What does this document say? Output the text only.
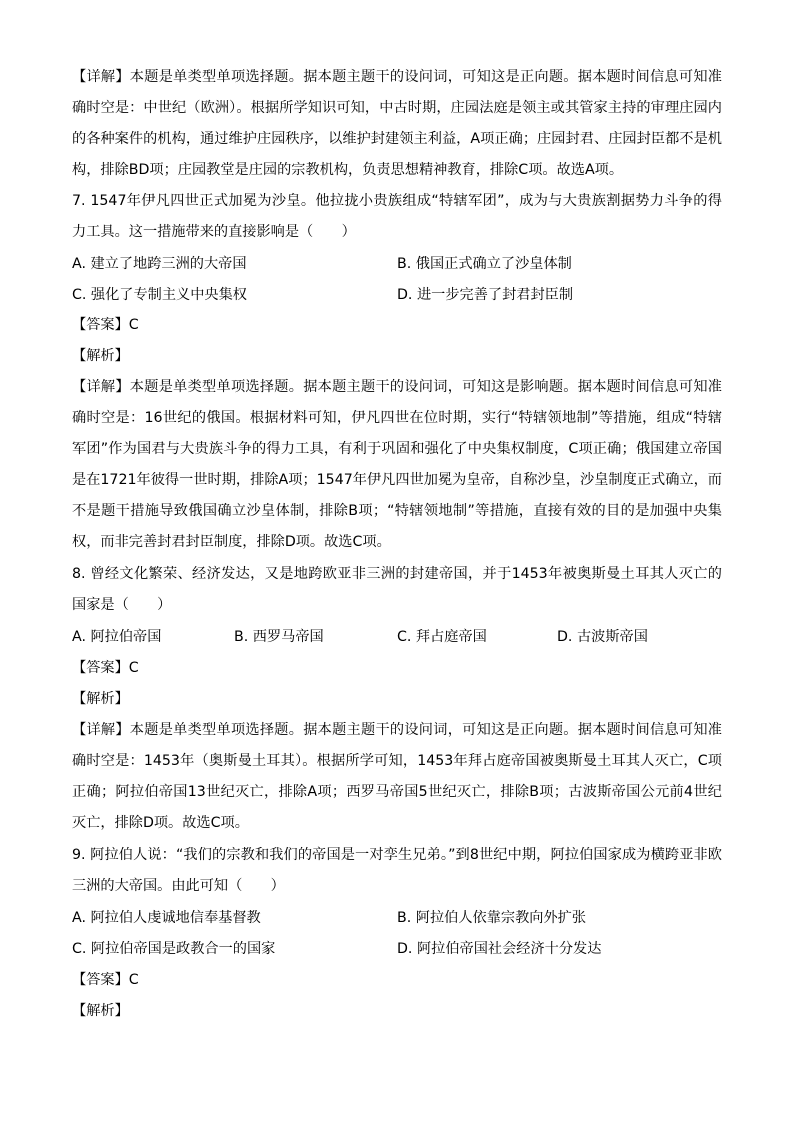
【详解】本题是单类型单项选择题。据本题主题干的设问词，可知这是正向题。据本题时间信息可知准确时空是：中世纪（欧洲）。根据所学知识可知，中古时期，庄园法庭是领主或其管家主持的审理庄园内的各种案件的机构，通过维护庄园秩序，以维护封建领主利益，A项正确；庄园封君、庄园封臣都不是机构，排除BD项；庄园教堂是庄园的宗教机构，负责思想精神教育，排除C项。故选A项。

7. 1547年伊凡四世正式加冕为沙皇。他拉拢小贵族组成“特辖军团”，成为与大贵族割据势力斗争的得力工具。这一措施带来的直接影响是（　　）

A. 建立了地跨三洲的大帝国	B. 俄国正式确立了沙皇体制
C. 强化了专制主义中央集权	D. 进一步完善了封君封臣制
【答案】C
【解析】

【详解】本题是单类型单项选择题。据本题主题干的设问词，可知这是影响题。据本题时间信息可知准确时空是：16世纪的俄国。根据材料可知，伊凡四世在位时期，实行“特辖领地制”等措施，组成“特辖军团”作为国君与大贵族斗争的得力工具，有利于巩固和强化了中央集权制度，C项正确；俄国建立帝国是在1721年彼得一世时期，排除A项；1547年伊凡四世加冕为皇帝，自称沙皇，沙皇制度正式确立，而不是题干措施导致俄国确立沙皇体制，排除B项；“特辖领地制”等措施，直接有效的目的是加强中央集权，而非完善封君封臣制度，排除D项。故选C项。

8. 曾经文化繁荣、经济发达，又是地跨欧亚非三洲的封建帝国，并于1453年被奥斯曼土耳其人灭亡的国家是（　　）

A. 阿拉伯帝国	B. 西罗马帝国	C. 拜占庭帝国	D. 古波斯帝国
【答案】C
【解析】

【详解】本题是单类型单项选择题。据本题主题干的设问词，可知这是正向题。据本题时间信息可知准确时空是：1453年（奥斯曼土耳其）。根据所学可知，1453年拜占庭帝国被奥斯曼土耳其人灭亡，C项正确；阿拉伯帝国13世纪灭亡，排除A项；西罗马帝国5世纪灭亡，排除B项；古波斯帝国公元前4世纪灭亡，排除D项。故选C项。

9. 阿拉伯人说：“我们的宗教和我们的帝国是一对孪生兄弟。”到8世纪中期，阿拉伯国家成为横跨亚非欧三洲的大帝国。由此可知（　　）

A. 阿拉伯人虔诚地信奉基督教	B. 阿拉伯人依靠宗教向外扩张
C. 阿拉伯帝国是政教合一的国家	D. 阿拉伯帝国社会经济十分发达
【答案】C
【解析】
